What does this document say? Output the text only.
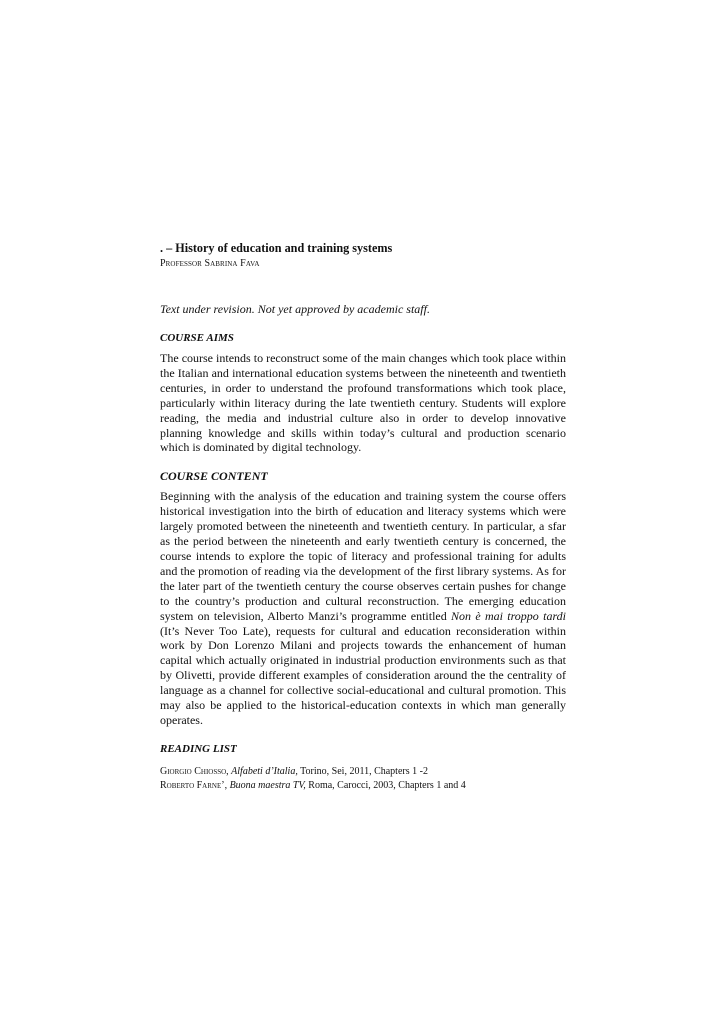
. – History of education and training systems

Professor Sabrina Fava

Text under revision. Not yet approved by academic staff.

COURSE AIMS

The course intends to reconstruct some of the main changes which took place within the Italian and international education systems between the nineteenth and twentieth centuries, in order to understand the profound transformations which took place, particularly within literacy during the late twentieth century. Students will explore reading, the media and industrial culture also in order to develop innovative planning knowledge and skills within today’s cultural and production scenario which is dominated by digital technology.

COURSE CONTENT

Beginning with the analysis of the education and training system the course offers historical investigation into the birth of education and literacy systems which were largely promoted between the nineteenth and twentieth century. In particular, a sfar as the period between the nineteenth and early twentieth century is concerned, the course intends to explore the topic of literacy and professional training for adults and the promotion of reading via the development of the first library systems. As for the later part of the twentieth century the course observes certain pushes for change to the country’s production and cultural reconstruction. The emerging education system on television, Alberto Manzi’s programme entitled Non è mai troppo tardi (It’s Never Too Late), requests for cultural and education reconsideration within work by Don Lorenzo Milani and projects towards the enhancement of human capital which actually originated in industrial production environments such as that by Olivetti, provide different examples of consideration around the the centrality of language as a channel for collective social-educational and cultural promotion. This may also be applied to the historical-education contexts in which man generally operates.

READING LIST

Giorgio Chiosso, Alfabeti d’Italia, Torino, Sei, 2011, Chapters 1 -2

Roberto Farne’, Buona maestra TV, Roma, Carocci, 2003, Chapters 1 and 4
